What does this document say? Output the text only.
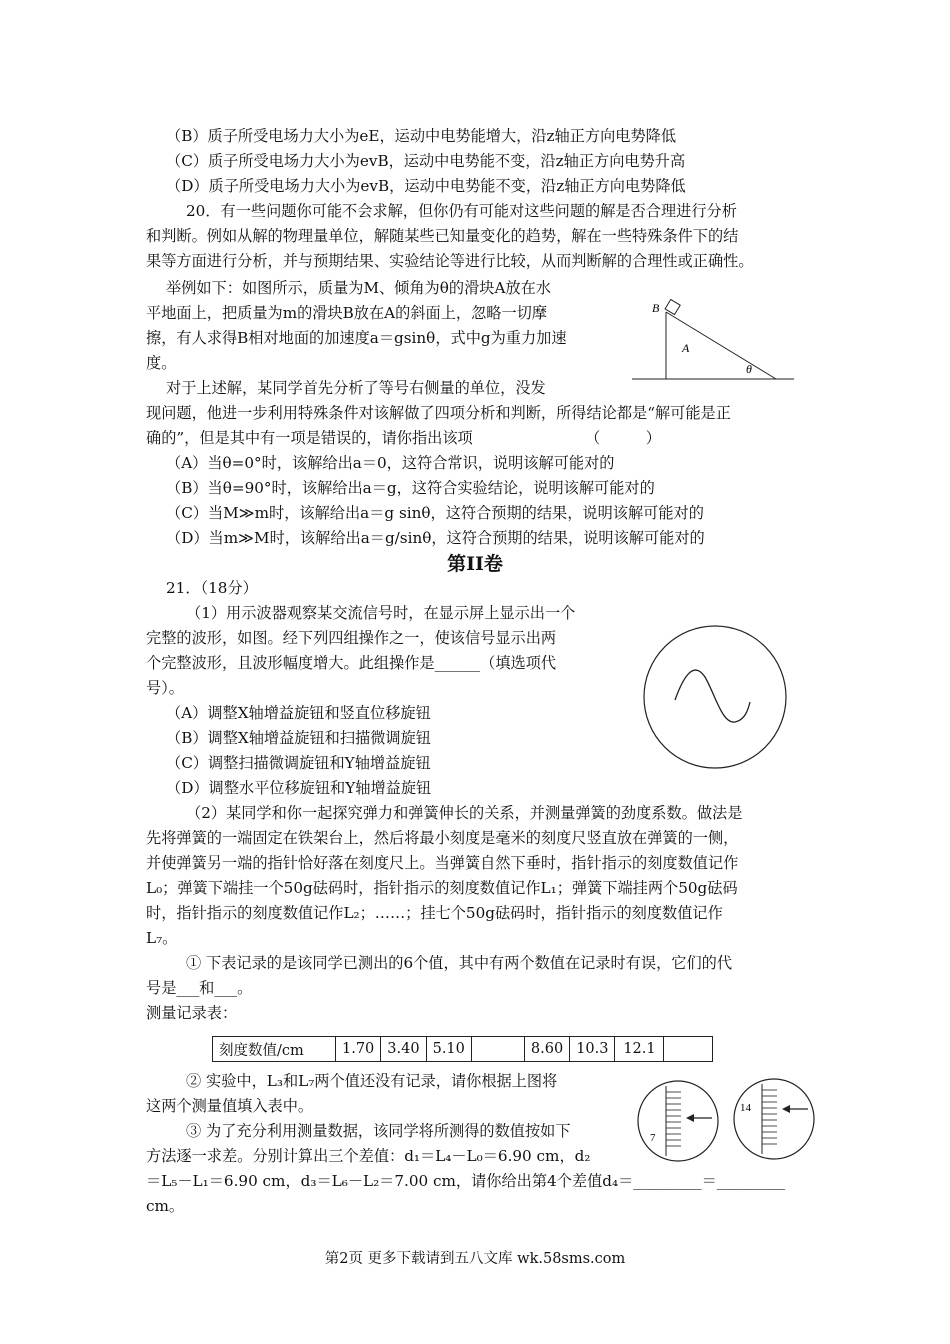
（B）质子所受电场力大小为eE，运动中电势能增大，沿z轴正方向电势降低
（C）质子所受电场力大小为evB，运动中电势能不变，沿z轴正方向电势升高
（D）质子所受电场力大小为evB，运动中电势能不变，沿z轴正方向电势降低
20．有一些问题你可能不会求解，但你仍有可能对这些问题的解是否合理进行分析
和判断。例如从解的物理量单位，解随某些已知量变化的趋势，解在一些特殊条件下的结
果等方面进行分析，并与预期结果、实验结论等进行比较，从而判断解的合理性或正确性。
举例如下：如图所示，质量为M、倾角为θ的滑块A放在水
平地面上，把质量为m的滑块B放在A的斜面上，忽略一切摩
擦，有人求得B相对地面的加速度a＝gsinθ，式中g为重力加速
度。
对于上述解，某同学首先分析了等号右侧量的单位，没发
现问题，他进一步利用特殊条件对该解做了四项分析和判断，所得结论都是“解可能是正
确的”，但是其中有一项是错误的，请你指出该项	（　　　）
（A）当θ=0°时，该解给出a＝0，这符合常识，说明该解可能对的
（B）当θ=90°时，该解给出a＝g，这符合实验结论，说明该解可能对的
（C）当M≫m时，该解给出a＝g sinθ，这符合预期的结果，说明该解可能对的
（D）当m≫M时，该解给出a＝g/sinθ，这符合预期的结果，说明该解可能对的
B
A
θ
第II卷
21．（18分）
（1）用示波器观察某交流信号时，在显示屏上显示出一个
完整的波形，如图。经下列四组操作之一，使该信号显示出两
个完整波形，且波形幅度增大。此组操作是______（填选项代
号）。
（A）调整X轴增益旋钮和竖直位移旋钮
（B）调整X轴增益旋钮和扫描微调旋钮
（C）调整扫描微调旋钮和Y轴增益旋钮
（D）调整水平位移旋钮和Y轴增益旋钮
（2）某同学和你一起探究弹力和弹簧伸长的关系，并测量弹簧的劲度系数。做法是
先将弹簧的一端固定在铁架台上，然后将最小刻度是毫米的刻度尺竖直放在弹簧的一侧，
并使弹簧另一端的指针恰好落在刻度尺上。当弹簧自然下垂时，指针指示的刻度数值记作
L₀；弹簧下端挂一个50g砝码时，指针指示的刻度数值记作L₁；弹簧下端挂两个50g砝码
时，指针指示的刻度数值记作L₂；……；挂七个50g砝码时，指针指示的刻度数值记作
L₇。
① 下表记录的是该同学已测出的6个值，其中有两个数值在记录时有误，它们的代
号是___和___。
测量记录表：
刻度数值/cm	1.70	3.40	5.10		8.60	10.3	12.1	
② 实验中，L₃和L₇两个值还没有记录，请你根据上图将
这两个测量值填入表中。
③ 为了充分利用测量数据，该同学将所测得的数值按如下
方法逐一求差。分别计算出三个差值：d₁＝L₄－L₀＝6.90 cm，d₂
＝L₅－L₁＝6.90 cm，d₃＝L₆－L₂＝7.00 cm，请你给出第4个差值d₄＝_________＝_________
cm。
7
14
第2页 更多下载请到五八文库 wk.58sms.com
